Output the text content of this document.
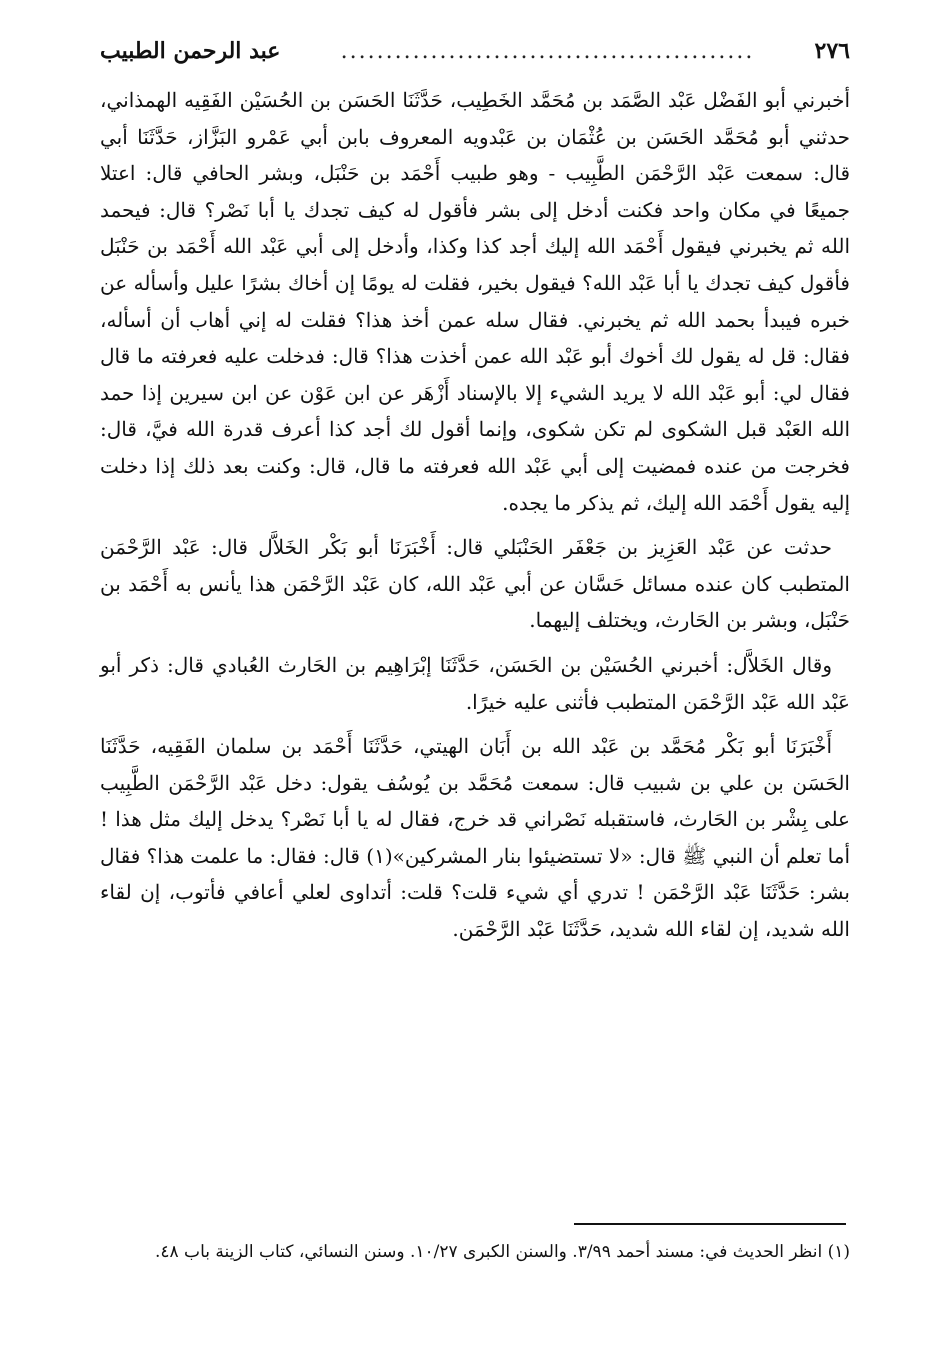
٢٧٦
..............................................
عبد الرحمن الطبيب

أخبرني أبو الفَضْل عَبْد الصَّمَد بن مُحَمَّد الخَطِيب، حَدَّثَنَا الحَسَن بن الحُسَيْن الفَقِيه الهمذاني، حدثني أبو مُحَمَّد الحَسَن بن عُثْمَان بن عَبْدويه المعروف بابن أبي عَمْرو البَزَّاز، حَدَّثَنَا أبي قال: سمعت عَبْد الرَّحْمَن الطَّبِيب - وهو طبيب أَحْمَد بن حَنْبَل، وبشر الحافي قال: اعتلا جميعًا في مكان واحد فكنت أدخل إلى بشر فأقول له كيف تجدك يا أبا نَصْر؟ قال: فيحمد الله ثم يخبرني فيقول أَحْمَد الله إليك أجد كذا وكذا، وأدخل إلى أبي عَبْد الله أَحْمَد بن حَنْبَل فأقول كيف تجدك يا أبا عَبْد الله؟ فيقول بخير، فقلت له يومًا إن أخاك بشرًا عليل وأسأله عن خبره فيبدأ بحمد الله ثم يخبرني. فقال سله عمن أخذ هذا؟ فقلت له إني أهاب أن أسأله، فقال: قل له يقول لك أخوك أبو عَبْد الله عمن أخذت هذا؟ قال: فدخلت عليه فعرفته ما قال فقال لي: أبو عَبْد الله لا يريد الشيء إلا بالإسناد أَزْهَر عن ابن عَوْن عن ابن سيرين إذا حمد الله العَبْد قبل الشكوى لم تكن شكوى، وإنما أقول لك أجد كذا أعرف قدرة الله فيَّ، قال: فخرجت من عنده فمضيت إلى أبي عَبْد الله فعرفته ما قال، قال: وكنت بعد ذلك إذا دخلت إليه يقول أَحْمَد الله إليك، ثم يذكر ما يجده.

حدثت عن عَبْد العَزِيز بن جَعْفَر الحَنْبَلي قال: أَخْبَرَنَا أبو بَكْر الخَلاَّل قال: عَبْد الرَّحْمَن المتطبب كان عنده مسائل حَسَّان عن أبي عَبْد الله، كان عَبْد الرَّحْمَن هذا يأنس به أَحْمَد بن حَنْبَل، وبشر بن الحَارث، ويختلف إليهما.

وقال الخَلاَّل: أخبرني الحُسَيْن بن الحَسَن، حَدَّثَنَا إبْرَاهِيم بن الحَارث العُبادي قال: ذكر أبو عَبْد الله عَبْد الرَّحْمَن المتطبب فأثنى عليه خيرًا.

أَخْبَرَنَا أبو بَكْر مُحَمَّد بن عَبْد الله بن أَبَان الهيتي، حَدَّثَنَا أَحْمَد بن سلمان الفَقِيه، حَدَّثَنَا الحَسَن بن علي بن شبيب قال: سمعت مُحَمَّد بن يُوسُف يقول: دخل عَبْد الرَّحْمَن الطَّبِيب على بِشْر بن الحَارث، فاستقبله نَصْراني قد خرج، فقال له يا أبا نَصْر؟ يدخل إليك مثل هذا ! أما تعلم أن النبي ﷺ قال: «لا تستضيئوا بنار المشركين»(١) قال: فقال: ما علمت هذا؟ فقال بشر: حَدَّثَنَا عَبْد الرَّحْمَن ! تدري أي شيء قلت؟ قلت: أتداوى لعلي أعافي فأتوب، إن لقاء الله شديد، إن لقاء الله شديد، حَدَّثَنَا عَبْد الرَّحْمَن.

(١) انظر الحديث في: مسند أحمد ٣/٩٩. والسنن الكبرى ١٠/٢٧. وسنن النسائي، كتاب الزينة باب ٤٨.
